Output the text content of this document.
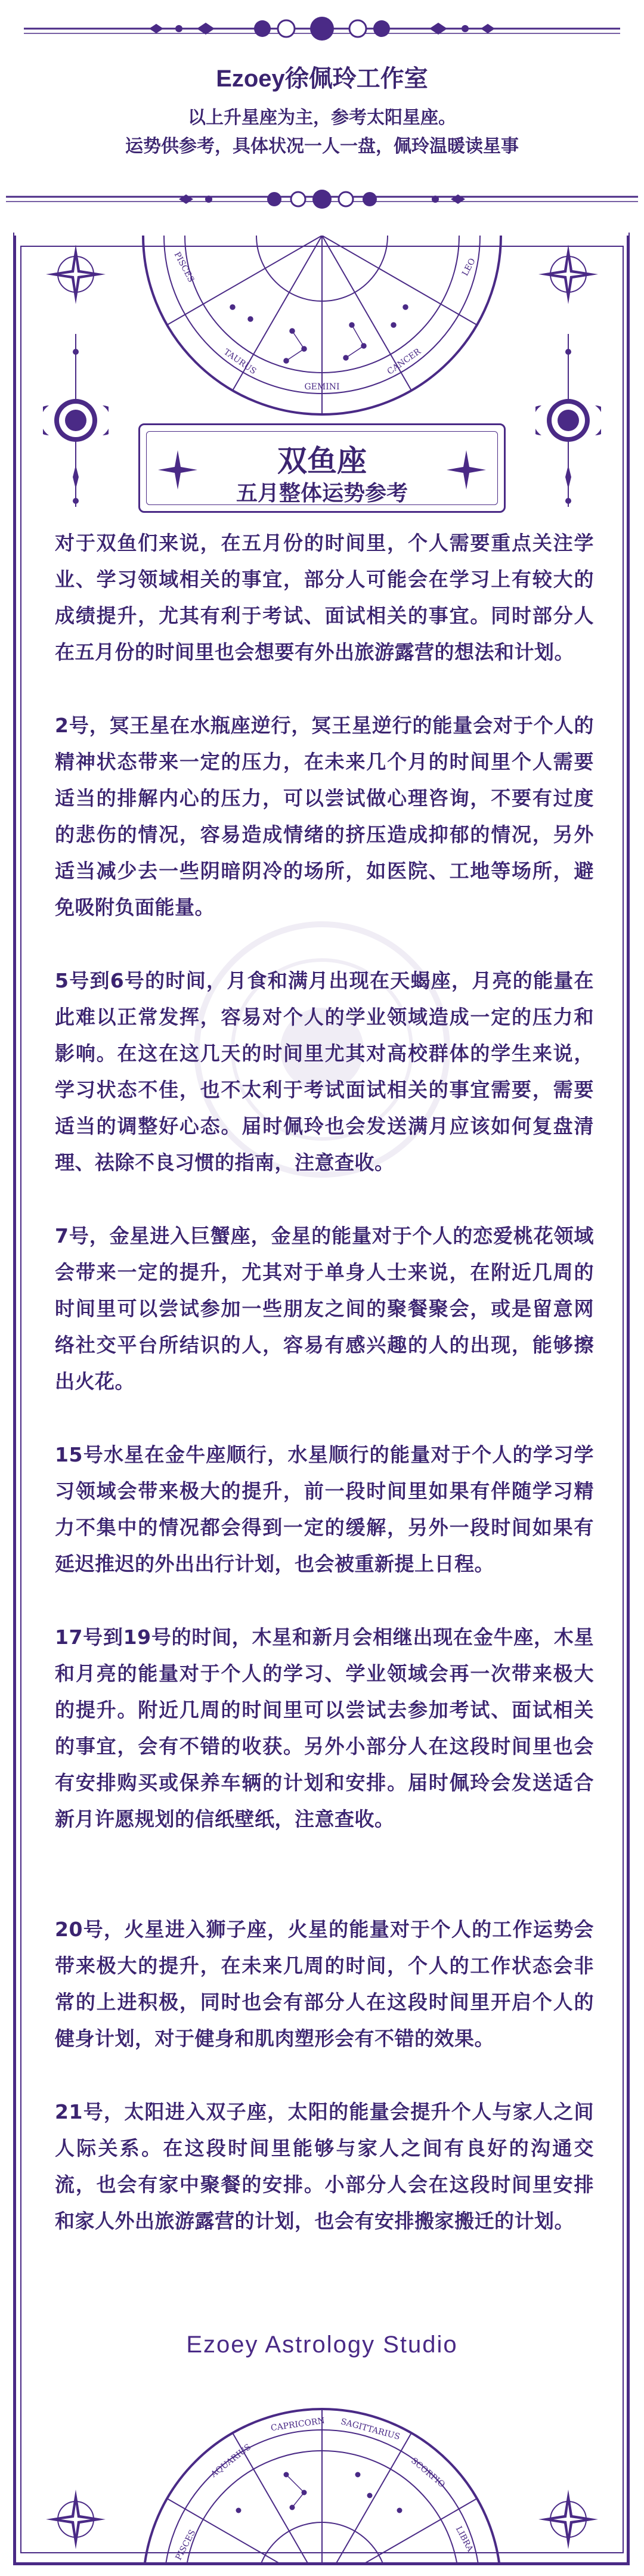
Ezoey徐佩玲工作室
以上升星座为主，参考太阳星座。
运势供参考，具体状况一人一盘，佩玲温暖读星事
PISCES	LEO
TAURUS
GEMINI
CANCER
PISCES
AQUARIUS
CAPRICORN SAGITTARIUS
SCORPIO
LIBRA
双鱼座
五月整体运势参考

对于双鱼们来说，在五月份的时间里，个人需要重点关注学业、学习领域相关的事宜，部分人可能会在学习上有较大的成绩提升，尤其有利于考试、面试相关的事宜。同时部分人在五月份的时间里也会想要有外出旅游露营的想法和计划。

2号，冥王星在水瓶座逆行，冥王星逆行的能量会对于个人的精神状态带来一定的压力，在未来几个月的时间里个人需要适当的排解内心的压力，可以尝试做心理咨询，不要有过度的悲伤的情况，容易造成情绪的挤压造成抑郁的情况，另外适当减少去一些阴暗阴冷的场所，如医院、工地等场所，避免吸附负面能量。

5号到6号的时间，月食和满月出现在天蝎座，月亮的能量在此难以正常发挥，容易对个人的学业领域造成一定的压力和影响。在这在这几天的时间里尤其对高校群体的学生来说，学习状态不佳，也不太利于考试面试相关的事宜需要，需要适当的调整好心态。届时佩玲也会发送满月应该如何复盘清理、祛除不良习惯的指南，注意查收。

7号，金星进入巨蟹座，金星的能量对于个人的恋爱桃花领域会带来一定的提升，尤其对于单身人士来说，在附近几周的时间里可以尝试参加一些朋友之间的聚餐聚会，或是留意网络社交平台所结识的人，容易有感兴趣的人的出现，能够擦出火花。

15号水星在金牛座顺行，水星顺行的能量对于个人的学习学习领域会带来极大的提升，前一段时间里如果有伴随学习精力不集中的情况都会得到一定的缓解，另外一段时间如果有延迟推迟的外出出行计划，也会被重新提上日程。

17号到19号的时间，木星和新月会相继出现在金牛座，木星和月亮的能量对于个人的学习、学业领域会再一次带来极大的提升。附近几周的时间里可以尝试去参加考试、面试相关的事宜，会有不错的收获。另外小部分人在这段时间里也会有安排购买或保养车辆的计划和安排。届时佩玲会发送适合新月许愿规划的信纸壁纸，注意查收。

20号，火星进入狮子座，火星的能量对于个人的工作运势会带来极大的提升，在未来几周的时间，个人的工作状态会非常的上进积极，同时也会有部分人在这段时间里开启个人的健身计划，对于健身和肌肉塑形会有不错的效果。

21号，太阳进入双子座，太阳的能量会提升个人与家人之间人际关系。在这段时间里能够与家人之间有良好的沟通交流，也会有家中聚餐的安排。小部分人会在这段时间里安排和家人外出旅游露营的计划，也会有安排搬家搬迁的计划。

Ezoey Astrology Studio
